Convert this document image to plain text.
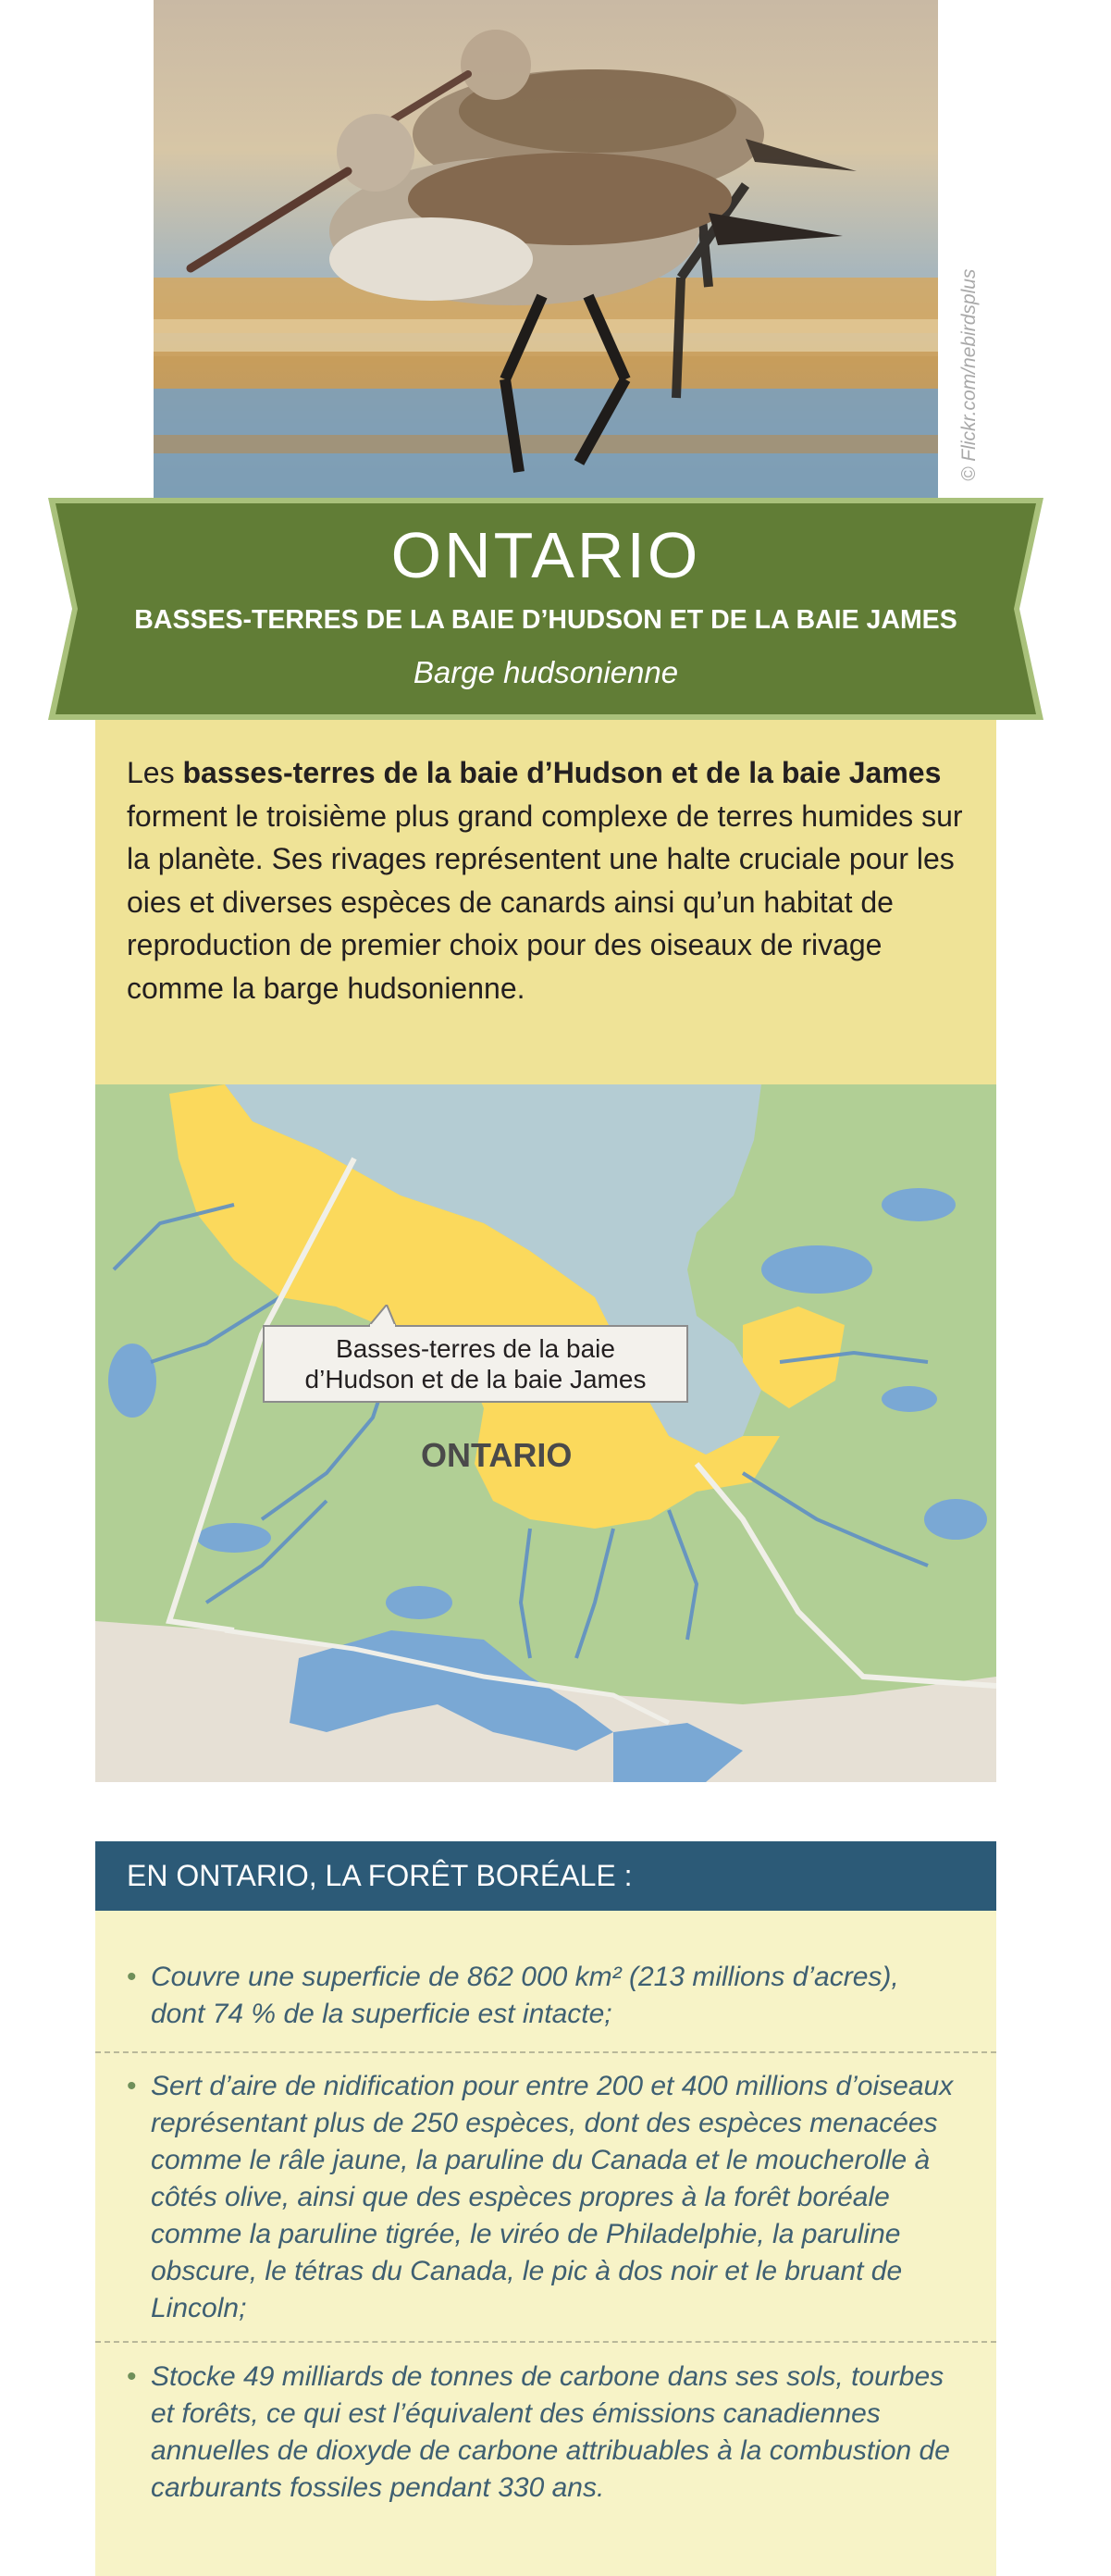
© Flickr.com/nebirdsplus
ONTARIO
BASSES-TERRES DE LA BAIE D’HUDSON ET DE LA BAIE JAMES
Barge hudsonienne
Les basses-terres de la baie d’Hudson et de la baie James forment le troisième plus grand complexe de terres humides sur la planète. Ses rivages représentent une halte cruciale pour les oies et diverses espèces de canards ainsi qu’un habitat de reproduction de premier choix pour des oiseaux de rivage comme la barge hudsonienne.
Basses-terres de la baie
d’Hudson et de la baie James
ONTARIO
EN ONTARIO, LA FORÊT BORÉALE :
• Couvre une superficie de 862 000 km² (213 millions d’acres), dont 74 % de la superficie est intacte;
• Sert d’aire de nidification pour entre 200 et 400 millions d’oiseaux représentant plus de 250 espèces, dont des espèces menacées comme le râle jaune, la paruline du Canada et le moucherolle à côtés olive, ainsi que des espèces propres à la forêt boréale comme la paruline tigrée, le viréo de Philadelphie, la paruline obscure, le tétras du Canada, le pic à dos noir et le bruant de Lincoln;
• Stocke 49 milliards de tonnes de carbone dans ses sols, tourbes et forêts, ce qui est l’équivalent des émissions canadiennes annuelles de dioxyde de carbone attribuables à la combustion de carburants fossiles pendant 330 ans.
